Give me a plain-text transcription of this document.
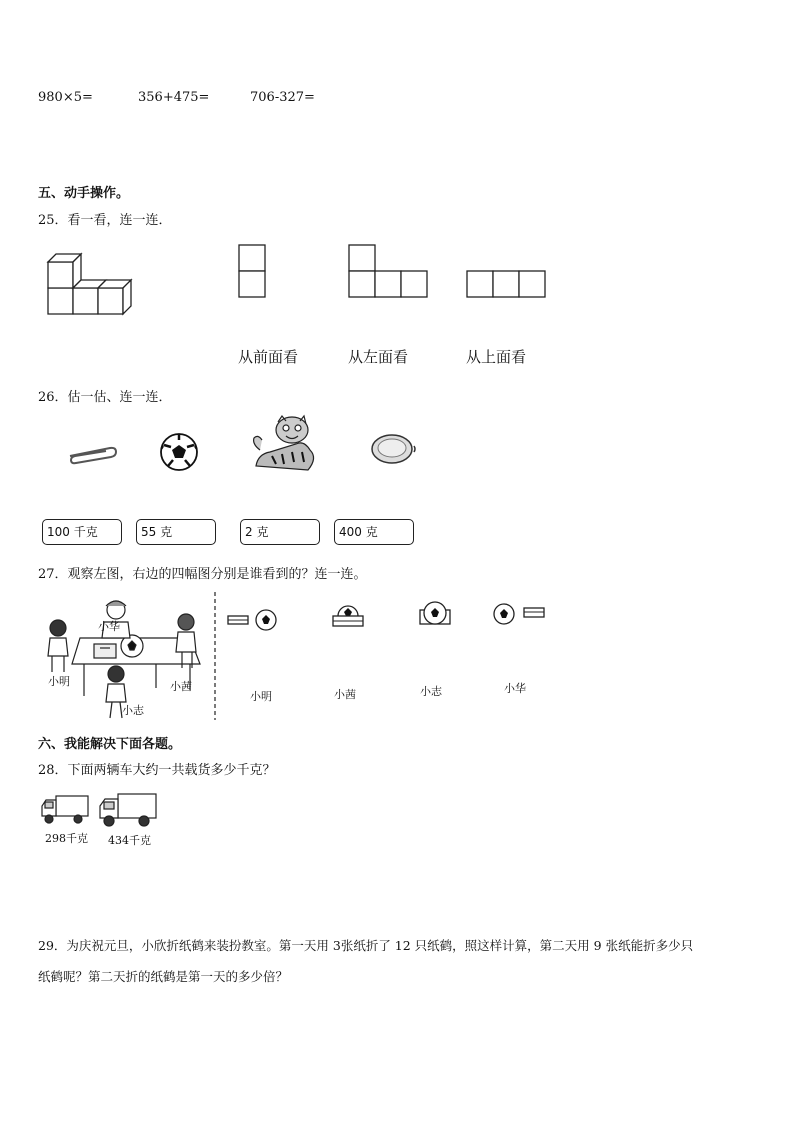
980×5=	356+475=	706-327=
五、动手操作。
25．看一看，连一连．
从前面看	从左面看	从上面看
26．估一估、连一连．
100 千克	55 克	2 克	400 克
27．观察左图，右边的四幅图分别是谁看到的？连一连。
小华
小明	小茜
小志
小明	小茜	小志	小华
六、我能解决下面各题。
28．下面两辆车大约一共载货多少千克？
298千克 434千克
29．为庆祝元旦，小欣折纸鹤来装扮教室。第一天用 3张纸折了 12 只纸鹤，照这样计算，第二天用 9 张纸能折多少只
纸鹤呢？第二天折的纸鹤是第一天的多少倍？
